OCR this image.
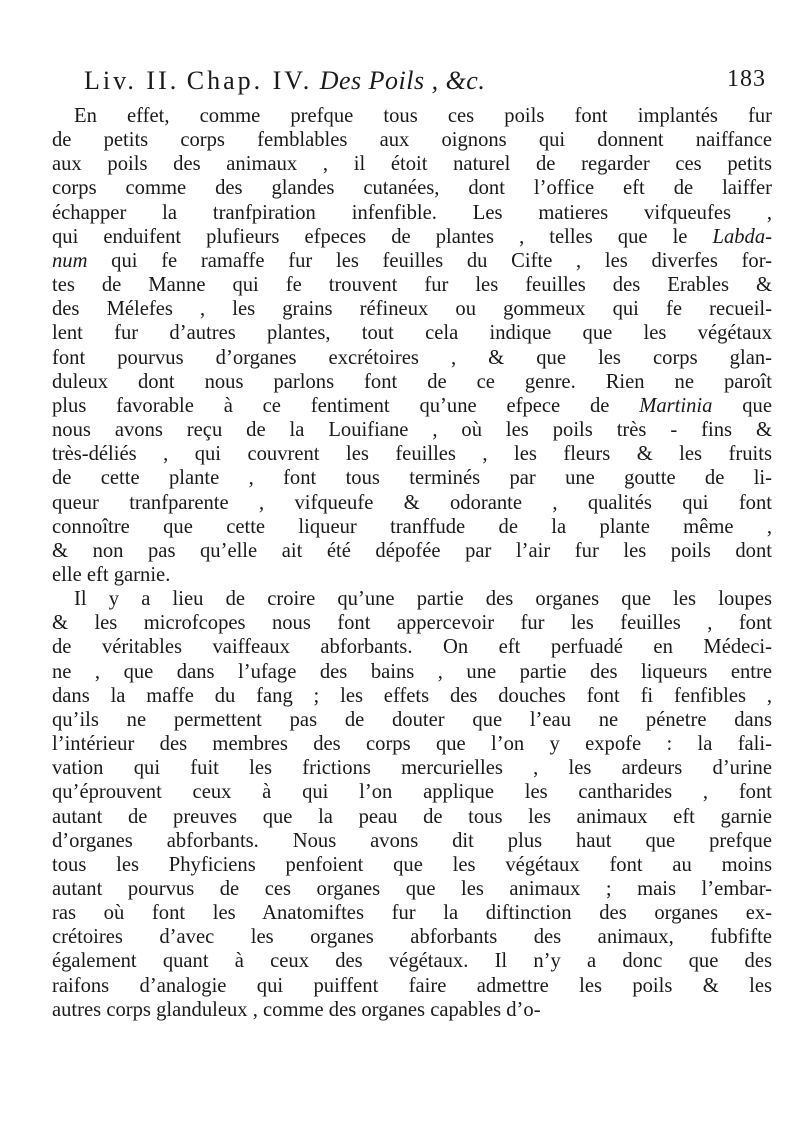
Liv. II. Chap. IV. Des Poils , &c.	183

En effet, comme prefque tous ces poils font implantés fur
de petits corps femblables aux oignons qui donnent naiffance
aux poils des animaux , il étoit naturel de regarder ces petits
corps comme des glandes cutanées, dont l’office eft de laiffer
échapper la tranfpiration infenfible. Les matieres vifqueufes ,
qui enduifent plufieurs efpeces de plantes , telles que le Labda-
num qui fe ramaffe fur les feuilles du Cifte , les diverfes for-
tes de Manne qui fe trouvent fur les feuilles des Erables &
des Mélefes , les grains réfineux ou gommeux qui fe recueil-
lent fur d’autres plantes, tout cela indique que les végétaux
font pourvus d’organes excrétoires , & que les corps glan-
duleux dont nous parlons font de ce genre. Rien ne paroît
plus favorable à ce fentiment qu’une efpece de Martinia que
nous avons reçu de la Louifiane , où les poils très - fins &
très-déliés , qui couvrent les feuilles , les fleurs & les fruits
de cette plante , font tous terminés par une goutte de li-
queur tranfparente , vifqueufe & odorante , qualités qui font
connoître que cette liqueur tranffude de la plante même ,
& non pas qu’elle ait été dépofée par l’air fur les poils dont
elle eft garnie.

Il y a lieu de croire qu’une partie des organes que les loupes
& les microfcopes nous font appercevoir fur les feuilles , font
de véritables vaiffeaux abforbants. On eft perfuadé en Médeci-
ne , que dans l’ufage des bains , une partie des liqueurs entre
dans la maffe du fang ; les effets des douches font fi fenfibles ,
qu’ils ne permettent pas de douter que l’eau ne pénetre dans
l’intérieur des membres des corps que l’on y expofe : la fali-
vation qui fuit les frictions mercurielles , les ardeurs d’urine
qu’éprouvent ceux à qui l’on applique les cantharides , font
autant de preuves que la peau de tous les animaux eft garnie
d’organes abforbants. Nous avons dit plus haut que prefque
tous les Phyficiens penfoient que les végétaux font au moins
autant pourvus de ces organes que les animaux ; mais l’embar-
ras où font les Anatomiftes fur la diftinction des organes ex-
crétoires d’avec les organes abforbants des animaux, fubfifte
également quant à ceux des végétaux. Il n’y a donc que des
raifons d’analogie qui puiffent faire admettre les poils & les
autres corps glanduleux , comme des organes capables d’o-
